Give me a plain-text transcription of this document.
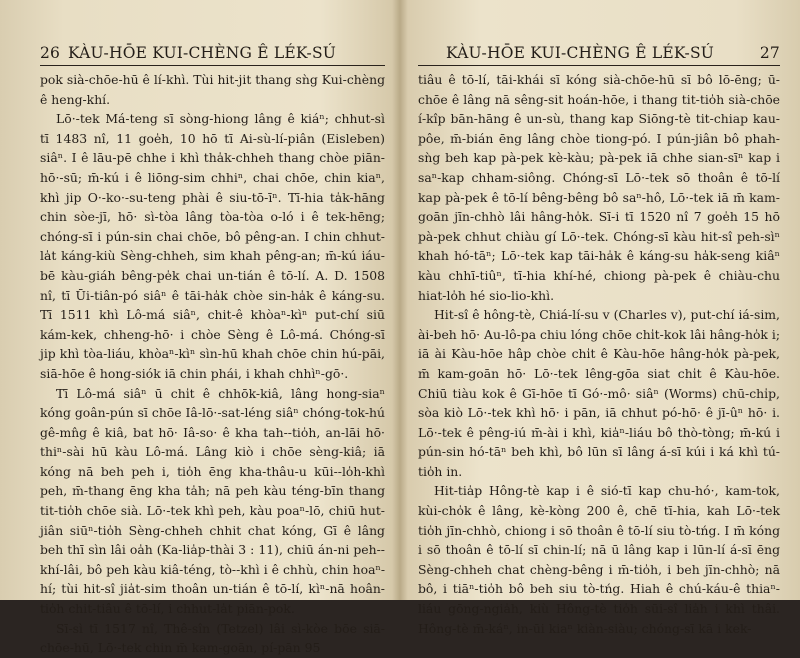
26 KÀU-HŌE KUI-CHÈNG Ê LÉK-SÚ

pok sià-chōe-hū ê lí-khì. Tùi hit-jit thang sǹg Kui-chèng ê heng-khí.

Lō·-tek Má-teng sī sòng-hiong lâng ê kiáⁿ; chhut-sì tī 1483 nî, 11 goe̍h, 10 hō tī Ai-sù-lí-piân (Eisleben) siâⁿ. I ê lāu-pē chhe i khì tha̍k-chheh thang chòe piān-hō·-sū; m̄-kú i ê liōng-sim chhiⁿ, chai chōe, chin kiaⁿ, khì jip O·-ko·-su-teng phài ê siu-tō-īⁿ. Tī-hia ta̍k-hāng chin sòe-jī, hō· sì-tòa lâng tòa-tòa o-ló i ê tek-hēng; chóng-sī i pún-sin chai chōe, bô pêng-an. I chin chhut-la̍t káng-kiù Sèng-chheh, sim khah pêng-an; m̄-kú iáu-bē kàu-giáh bêng-pe̍k chai un-tián ê tō-lí. A. D. 1508 nî, tī Ūi-tiân-pó siâⁿ ê tāi-ha̍k chòe sin-ha̍k ê káng-su. Tī 1511 khì Lô-má siâⁿ, chit-ê khòaⁿ-kìⁿ put-chí siū kám-kek, chheng-hō· i chòe Sèng ê Lô-má. Chóng-sī jip khì tòa-liáu, khòaⁿ-kìⁿ sìn-hū khah chōe chin hú-pāi, siā-hōe ê hong-siók iā chin phái, i khah chhìⁿ-gō·.

Tī Lô-má siâⁿ ū chi̍t ê chhōk-kiâ, lâng hong-siaⁿ kóng goân-pún sī chōe Iâ-lō·-sat-léng siâⁿ chóng-tok-hú gê-mn̂g ê kiâ, bat hō· Iâ-so· ê kha tah--tio̍h, an-lāi hō· thiⁿ-sài hū kàu Lô-má. Lâng kiò i chōe sèng-kiâ; iā kóng nā beh peh i, tio̍h ēng kha-thâu-u kūi--lo̍h-khì peh, m̄-thang ēng kha ta̍h; nā peh kàu téng-bīn thang tit-tio̍h chōe sià. Lō·-tek khì peh, kàu poaⁿ-lō, chiū hut-jiân siūⁿ-tio̍h Sèng-chheh chhit chat kóng, Gī ê lâng beh thī sìn lâi oa̍h (Ka-lia̍p-thài 3 : 11), chiū án-ni peh--khí-lâi, bô peh kàu kiâ-téng, tò--khì i ê chhù, chin hoaⁿ-hí; tùi hit-sî jia̍t-sim thoân un-tián ê tō-lí, kìⁿ-nā hoân-tio̍h chit-tiâu ê tō-lí, i chhut-la̍t piān-pok.

Sī-sì tī 1517 nî, Thê-sîn (Tetzel) lâi sì-kòe bōe siā-chōe-hū, Lō·-tek chin m̄ kam-goān, pí-pān 95

KÀU-HŌE KUI-CHÈNG Ê LÉK-SÚ	27

tiâu ê tō-lí, tāi-khái sī kóng sià-chōe-hū sī bô lō-ēng; ū-chōe ê lâng nā sêng-sit hoán-hōe, i thang tit-tio̍h sià-chōe í-kîp bān-hāng ê un-sù, thang kap Siōng-tè tit-chiap kau-pôe, m̄-bián ēng lâng chòe tiong-pó. I pún-jiân bô phah-sǹg beh kap pà-pek kè-kàu; pà-pek iā chhe sian-sīⁿ kap i saⁿ-kap chham-siông. Chóng-sī Lō·-tek sō thoân ê tō-lí kap pà-pek ê tō-lí bêng-bêng bô saⁿ-hô, Lō·-tek iā m̄ kam-goān jīn-chhò lâi hâng-ho̍k. Sī-i tī 1520 nî 7 goe̍h 15 hō pà-pek chhut chiàu gí Lō·-tek. Chóng-sī kàu hit-sî peh-sìⁿ khah hó-tāⁿ; Lō·-tek kap tāi-ha̍k ê káng-su ha̍k-seng kiâⁿ kàu chhī-tiûⁿ, tī-hia khí-hé, chiong pà-pek ê chiàu-chu hiat-lo̍h hé sio-lio-khì.

Hit-sî ê hông-tè, Chiá-lí-su v (Charles v), put-chí iá-sim, ài-beh hō· Au-lô-pa chiu lóng chōe chi̍t-kok lâi hâng-ho̍k i; iā ài Kàu-hōe hâp chòe chi̍t ê Kàu-hōe hâng-ho̍k pà-pek, m̄ kam-goān hō· Lō·-tek lêng-gōa siat chi̍t ê Kàu-hōe. Chiū tiàu kok ê Gī-hōe tī Gó·-mô· siâⁿ (Worms) chū-chi̍p, sòa kiò Lō·-tek khì hō· i pān, iā chhut pó-hō· ê jī-ûⁿ hō· i. Lō·-tek ê pêng-iú m̄-ài i khì, kia̍ⁿ-liáu bô thò-tòng; m̄-kú i pún-sin hó-tāⁿ beh khì, bô lūn sī lâng á-sī kúi i ká khì tú-tio̍h in.

Hit-tia̍p Hông-tè kap i ê sió-tī kap chu-hó·, kam-tok, kùi-cho̍k ê lâng, kè-kòng 200 ê, chē tī-hia, kah Lō·-tek tio̍h jīn-chhò, chiong i sō thoân ê tō-lí siu tò-tńg. I m̄ kóng i sō thoân ê tō-lí sī chin-lí; nā ū lâng kap i lūn-lí á-sī ēng Sèng-chheh chat chèng-bêng i m̄-tio̍h, i beh jīn-chhò; nā bô, i tiāⁿ-tio̍h bô beh siu tò-tńg. Hiah ê chú-káu-ê thiaⁿ-liáu gōng-ngia̍h, kiù Hông-tè tio̍h sūi-sî lia̍h i khì thâi. Hông-tè m̄-káⁿ, in-ūi kiaⁿ kiàn-siàu; chóng-sī kā i kek-
